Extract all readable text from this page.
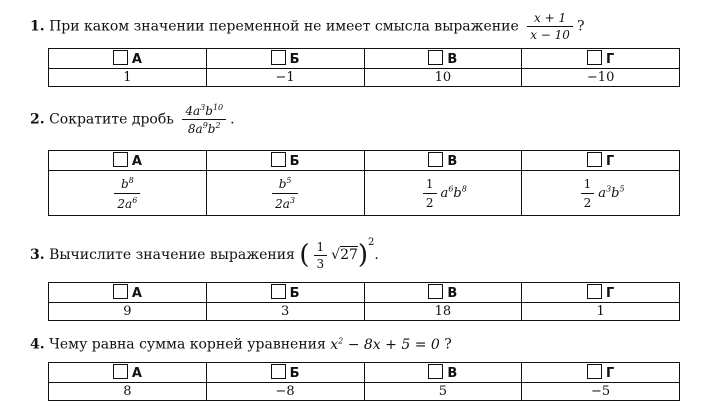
1. При каком значении переменной не имеет смысла выражение $\frac{x + 1}{x - 10}$ ?
А	Б	В	Г
1	−1	10	−10
2. Сократите дробь $\frac{4a^3b^{10}}{8a^9b^2}$ .
А	Б	В	Г

$\frac{b^8}{2a^6}$	$\frac{b^5}{2a^3}$	$\frac{1}{2} a^6b^8$	$\frac{1}{2} a^3b^5$
3. Вычислите значение выражения ( $\frac{1}{3} √27)^2$.
А	Б	В	Г
9	3	18	1
4. Чему равна сумма корней уравнения $x^2 - 8x + 5 = 0$ ?
А	Б	В	Г
8	−8	5	−5
